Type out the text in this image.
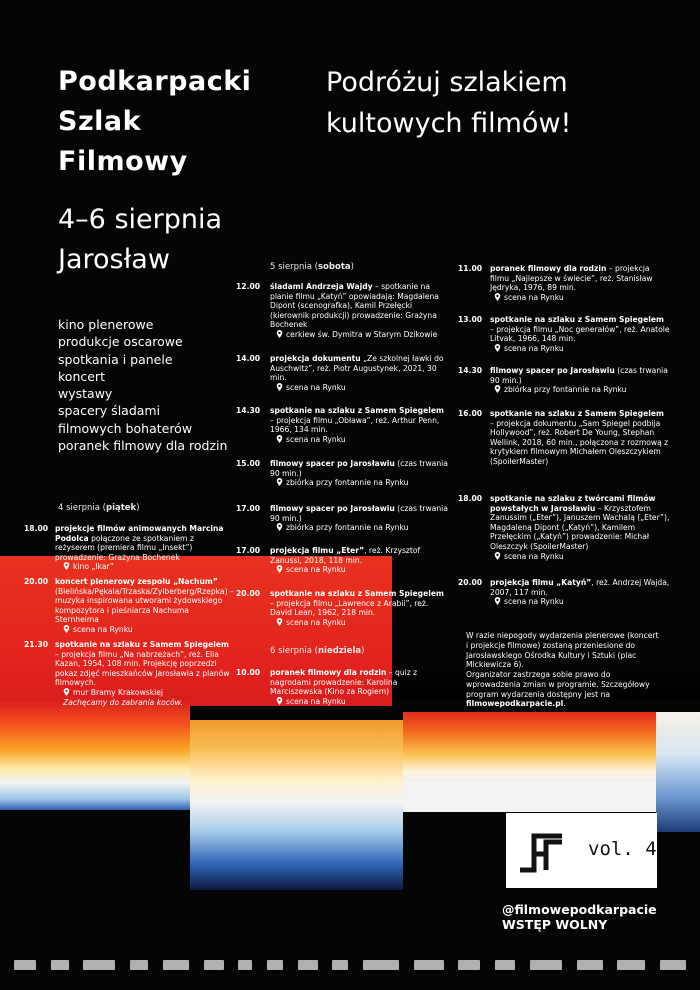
Podkarpacki
Szlak
Filmowy
4–6 sierpnia
Jarosław
Podróżuj szlakiem
kultowych filmów!
kino plenerowe
produkcje oscarowe
spotkania i panele
koncert
wystawy
spacery śladami
filmowych bohaterów
poranek filmowy dla rodzin
4 sierpnia (piątek)
5 sierpnia (sobota)
6 sierpnia (niedziela)
18.00 projekcje filmów animowanych Marcina Podolca połączone ze spotkaniem z reżyserem (premiera filmu „Insekt”) prowadzenie: Grażyna Bochenek
kino „Ikar”
20.00 koncert plenerowy zespołu „Nachum” (Bielińska/Pękala/Trzaska/Zylberberg/Rzepka) – muzyka inspirowana utworami żydowskiego kompozytora i pieśniarza Nachuma Sternheima
scena na Rynku
21.30 spotkanie na szlaku z Samem Spiegelem – projekcja filmu „Na nabrzeżach”, reż. Elia Kazan, 1954, 108 min. Projekcję poprzedzi pokaz zdjęć mieszkańców Jarosławia z planów filmowych.
mur Bramy Krakowskiej
Zachęcamy do zabrania koców.
12.00 śladami Andrzeja Wajdy – spotkanie na planie filmu „Katyń” opowiadają: Magdalena Dipont (scenografka), Kamil Przełęcki (kierownik produkcji) prowadzenie: Grażyna Bochenek
cerkiew św. Dymitra w Starym Dzikowie
14.00 projekcja dokumentu „Ze szkolnej ławki do Auschwitz”, reż. Piotr Augustynek, 2021, 30 min.
scena na Rynku
14.30 spotkanie na szlaku z Samem Spiegelem – projekcja filmu „Obława”, reż. Arthur Penn, 1966, 134 min.
scena na Rynku
15.00 filmowy spacer po Jarosławiu (czas trwania 90 min.)
zbiórka przy fontannie na Rynku
17.00 filmowy spacer po Jarosławiu (czas trwania 90 min.)
zbiórka przy fontannie na Rynku
17.00 projekcja filmu „Eter”, reż. Krzysztof Zanussi, 2018, 118 min.
scena na Rynku
20.00 spotkanie na szlaku z Samem Spiegelem – projekcja filmu „Lawrence z Arabii”, reż. David Lean, 1962, 218 min.
scena na Rynku
10.00 poranek filmowy dla rodzin – quiz z nagrodami prowadzenie: Karolina Marciszewska (Kino za Rogiem)
scena na Rynku
11.00 poranek filmowy dla rodzin – projekcja filmu „Najlepsze w świecie”, reż. Stanisław Jędryka, 1976, 89 min.
scena na Rynku
13.00 spotkanie na szlaku z Samem Spiegelem – projekcja filmu „Noc generałów”, reż. Anatole Litvak, 1966, 148 min.
scena na Rynku
14.30 filmowy spacer po Jarosławiu (czas trwania 90 min.)
zbiórka przy fontannie na Rynku
16.00 spotkanie na szlaku z Samem Spiegelem – projekcja dokumentu „Sam Spiegel podbija Hollywood”, reż. Robert De Young, Stephan Wellink, 2018, 60 min., połączona z rozmową z krytykiem filmowym Michałem Oleszczykiem (SpoilerMaster)
18.00 spotkanie na szlaku z twórcami filmów powstałych w Jarosławiu – Krzysztofem Zanussim („Eter”), Januszem Wachalą („Eter”), Magdaleną Dipont („Katyń”), Kamilem Przełęckim („Katyń”) prowadzenie: Michał Oleszczyk (SpoilerMaster)
scena na Rynku
20.00 projekcja filmu „Katyń”, reż. Andrzej Wajda, 2007, 117 min.
scena na Rynku
W razie niepogody wydarzenia plenerowe (koncert i projekcje filmowe) zostaną przeniesione do Jarosławskiego Ośrodka Kultury i Sztuki (plac Mickiewicza 6).
Organizator zastrzega sobie prawo do wprowadzenia zmian w programie. Szczegółowy program wydarzenia dostępny jest na filmowepodkarpacie.pl.
vol. 4
@filmowepodkarpacie
WSTĘP WOLNY
